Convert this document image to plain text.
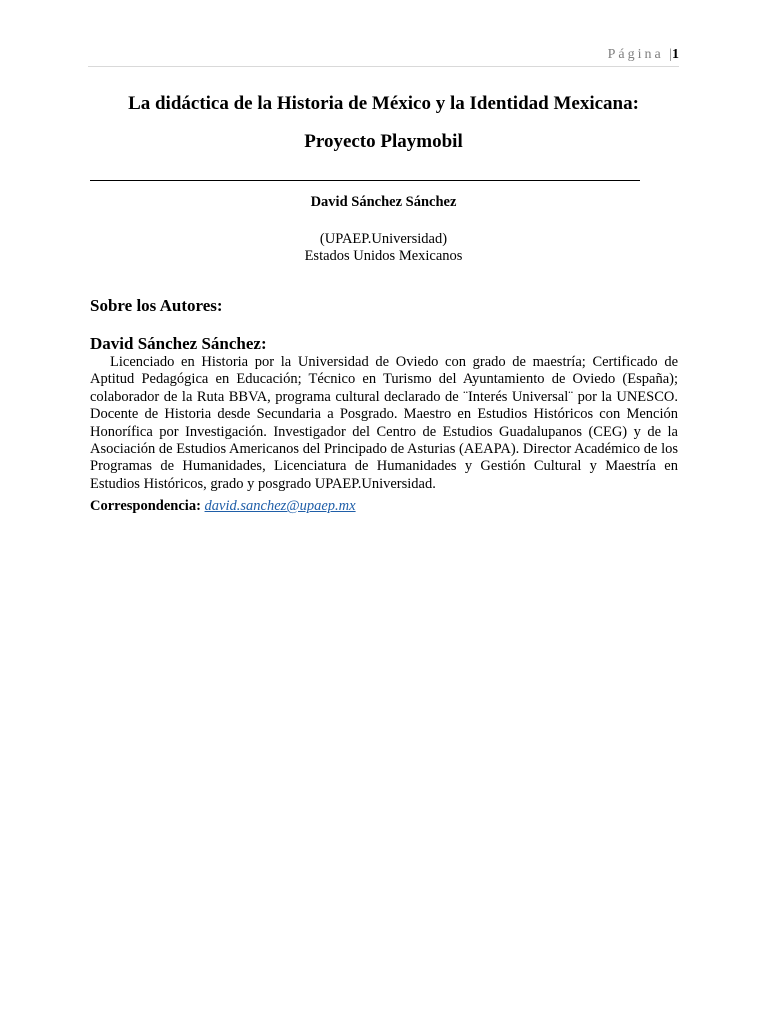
Página |1
La didáctica de la Historia de México y la Identidad Mexicana:
Proyecto Playmobil
David Sánchez Sánchez
(UPAEP.Universidad)
Estados Unidos Mexicanos
Sobre los Autores:
David Sánchez Sánchez:

Licenciado en Historia por la Universidad de Oviedo con grado de maestría; Certificado de Aptitud Pedagógica en Educación; Técnico en Turismo del Ayuntamiento de Oviedo (España); colaborador de la Ruta BBVA, programa cultural declarado de ¨Interés Universal¨ por la UNESCO. Docente de Historia desde Secundaria a Posgrado. Maestro en Estudios Históricos con Mención Honorífica por Investigación. Investigador del Centro de Estudios Guadalupanos (CEG) y de la Asociación de Estudios Americanos del Principado de Asturias (AEAPA). Director Académico de los Programas de Humanidades, Licenciatura de Humanidades y Gestión Cultural y Maestría en Estudios Históricos, grado y posgrado UPAEP.Universidad.

Correspondencia: david.sanchez@upaep.mx
